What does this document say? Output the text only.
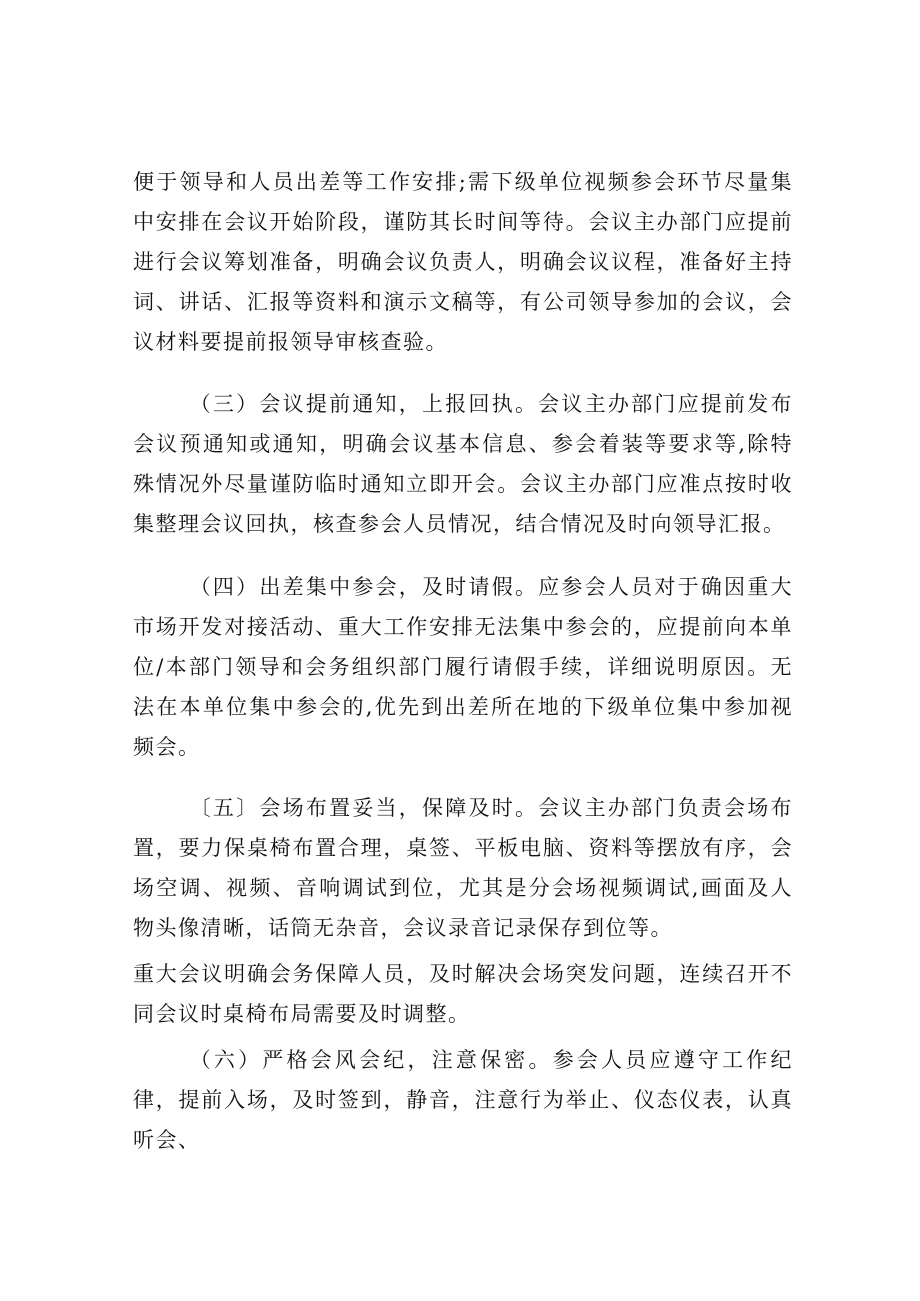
便于领导和人员出差等工作安排;需下级单位视频参会环节尽量集中安排在会议开始阶段，谨防其长时间等待。会议主办部门应提前进行会议筹划准备，明确会议负责人，明确会议议程，准备好主持词、讲话、汇报等资料和演示文稿等，有公司领导参加的会议，会议材料要提前报领导审核查验。

（三）会议提前通知，上报回执。会议主办部门应提前发布会议预通知或通知，明确会议基本信息、参会着装等要求等,除特殊情况外尽量谨防临时通知立即开会。会议主办部门应准点按时收集整理会议回执，核查参会人员情况，结合情况及时向领导汇报。

（四）出差集中参会，及时请假。应参会人员对于确因重大市场开发对接活动、重大工作安排无法集中参会的，应提前向本单位/本部门领导和会务组织部门履行请假手续，详细说明原因。无法在本单位集中参会的,优先到出差所在地的下级单位集中参加视频会。

〔五〕会场布置妥当，保障及时。会议主办部门负责会场布置，要力保桌椅布置合理，桌签、平板电脑、资料等摆放有序，会场空调、视频、音响调试到位，尤其是分会场视频调试,画面及人物头像清晰，话筒无杂音，会议录音记录保存到位等。

重大会议明确会务保障人员，及时解决会场突发问题，连续召开不同会议时桌椅布局需要及时调整。

（六）严格会风会纪，注意保密。参会人员应遵守工作纪律，提前入场，及时签到，静音，注意行为举止、仪态仪表，认真听会、
